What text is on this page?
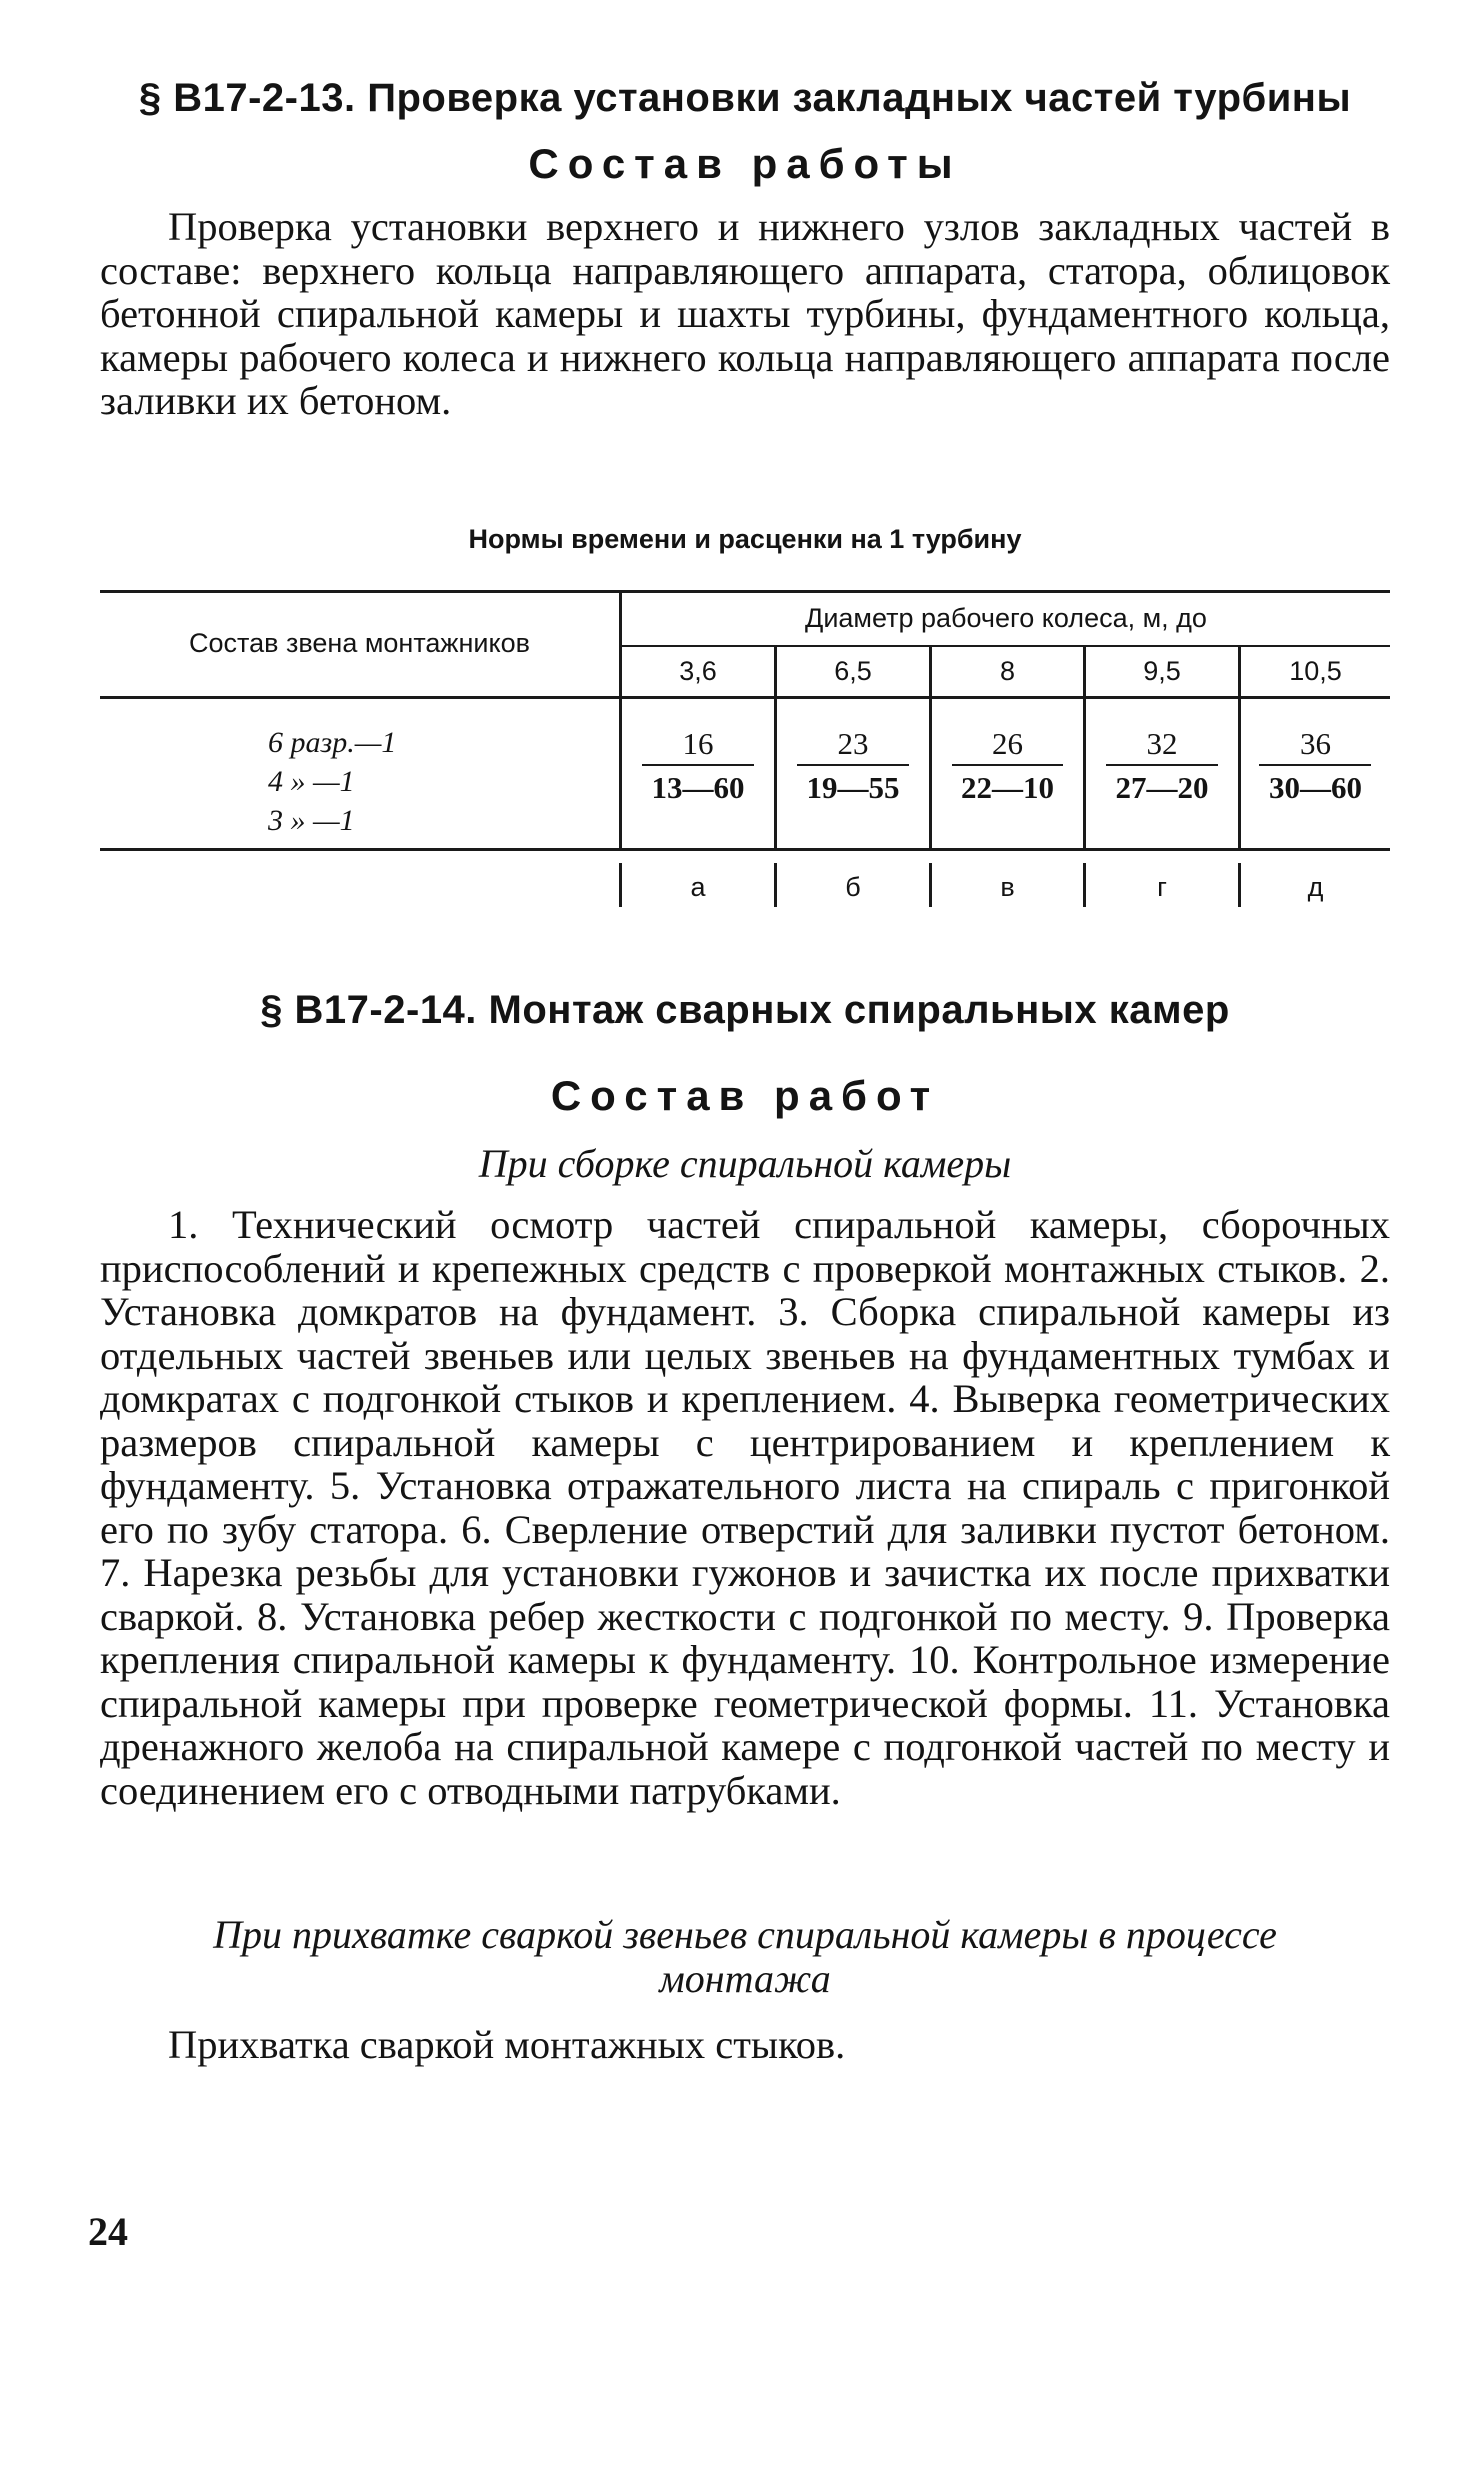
§ В17-2-13. Проверка установки закладных частей турбины
Состав работы
Проверка установки верхнего и нижнего узлов закладных частей в составе: верхнего кольца направляющего аппарата, статора, облицовок бетонной спиральной камеры и шахты турбины, фундаментного кольца, камеры рабочего колеса и нижнего кольца направляющего аппарата после заливки их бетоном.
Нормы времени и расценки на 1 турбину
Состав звена монтажников
Диаметр рабочего колеса, м, до
3,6	6,5	8	9,5	10,5
6 разр.—1
4 » —1
3 » —1
16	23	26	32	36
13—60	19—55	22—10	27—20	30—60
а	б	в	г	д
§ В17-2-14. Монтаж сварных спиральных камер
Состав работ
При сборке спиральной камеры
1. Технический осмотр частей спиральной камеры, сборочных приспособлений и крепежных средств с проверкой монтажных стыков. 2. Установка домкратов на фундамент. 3. Сборка спиральной камеры из отдельных частей звеньев или целых звеньев на фундаментных тумбах и домкратах с подгонкой стыков и креплением. 4. Выверка геометрических размеров спиральной камеры с центрированием и креплением к фундаменту. 5. Установка отражательного листа на спираль с пригонкой его по зубу статора. 6. Сверление отверстий для заливки пустот бетоном. 7. Нарезка резьбы для установки гужонов и зачистка их после прихватки сваркой. 8. Установка ребер жесткости с подгонкой по месту. 9. Проверка крепления спиральной камеры к фундаменту. 10. Контрольное измерение спиральной камеры при проверке геометрической формы. 11. Установка дренажного желоба на спиральной камере с подгонкой частей по месту и соединением его с отводными патрубками.
При прихватке сваркой звеньев спиральной камеры в процессе монтажа
Прихватка сваркой монтажных стыков.
24
